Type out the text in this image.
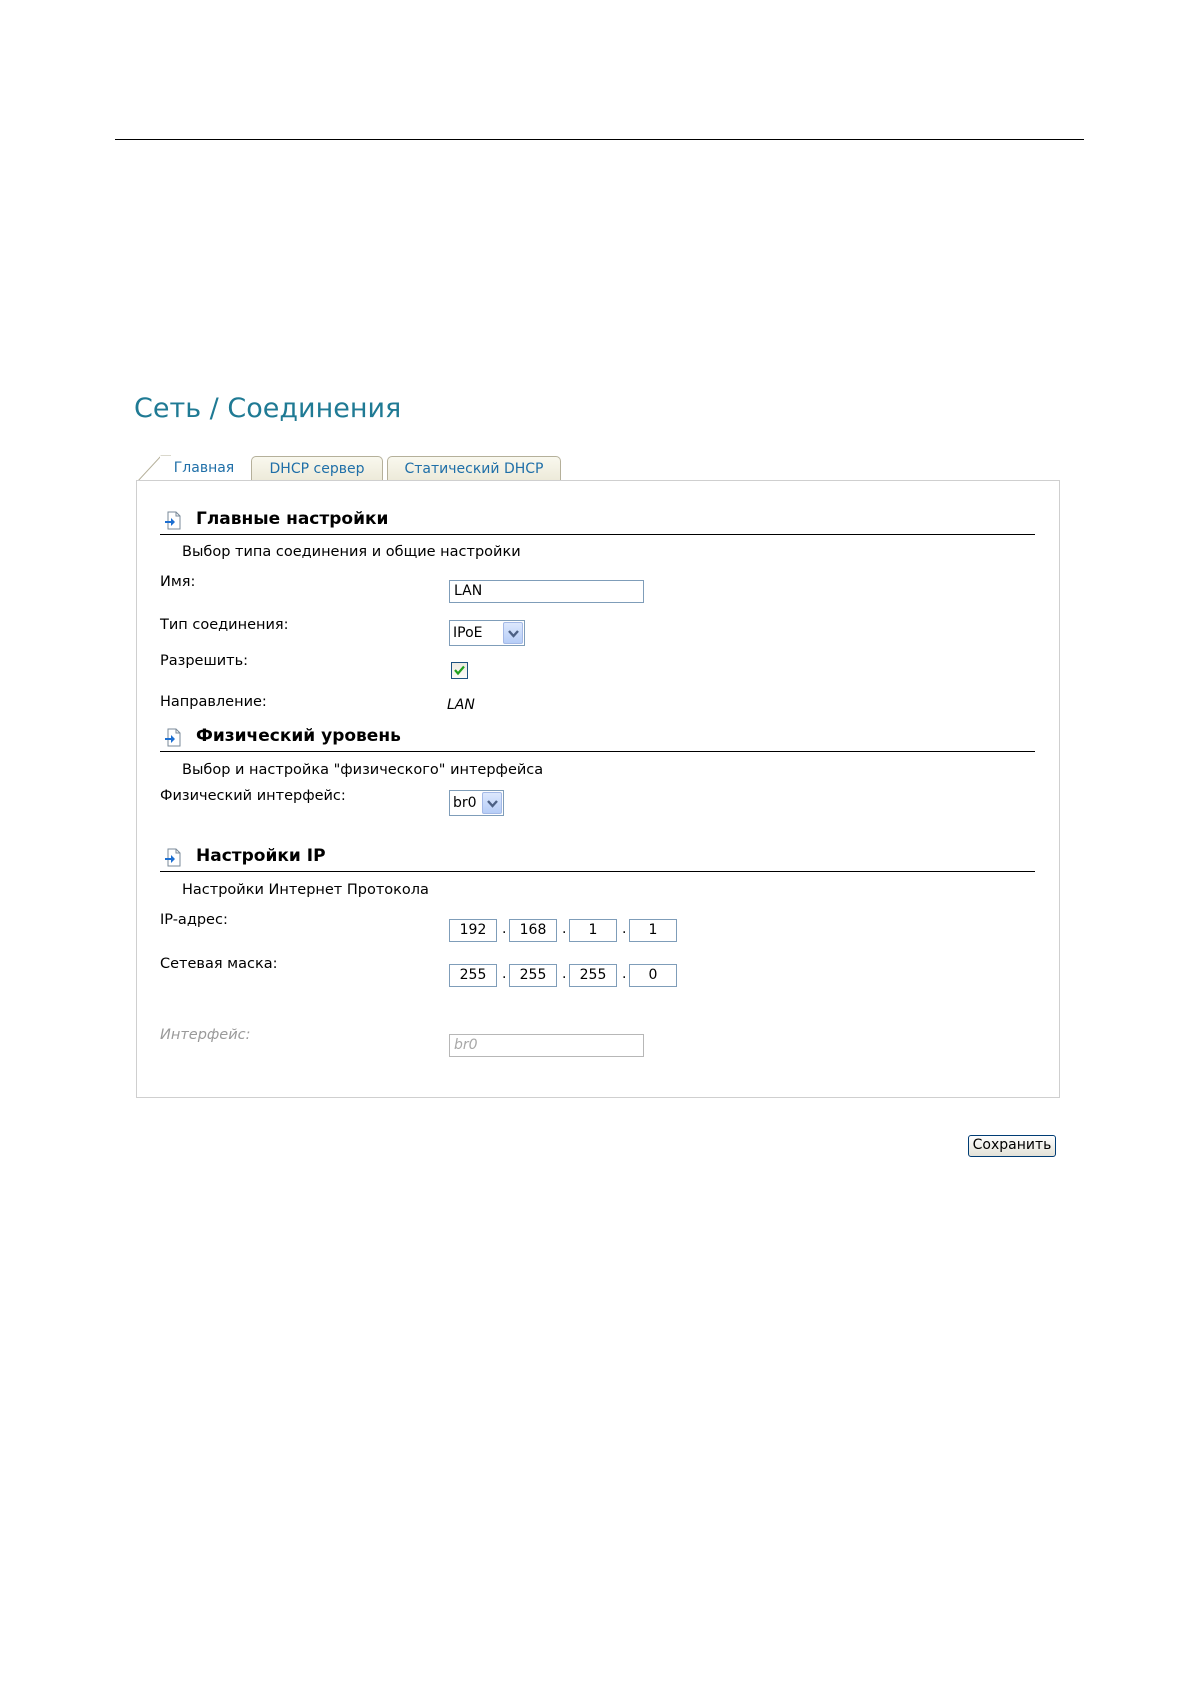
Сеть / Соединения
Главная	DHCP сервер	Статический DHCP
Главные настройки
Выбор типа соединения и общие настройки
Имя:
LAN
Тип соединения:	IPoE
Разрешить:
Направление:	LAN
Физический уровень
Выбор и настройка "физического" интерфейса
Физический интерфейс:	br0
Настройки IP
Настройки Интернет Протокола
IP-адрес:
192	. 168	.	1	.	1
Сетевая маска:
255	. 255	. 255	.	0
Интерфейс:
br0
Сохранить
